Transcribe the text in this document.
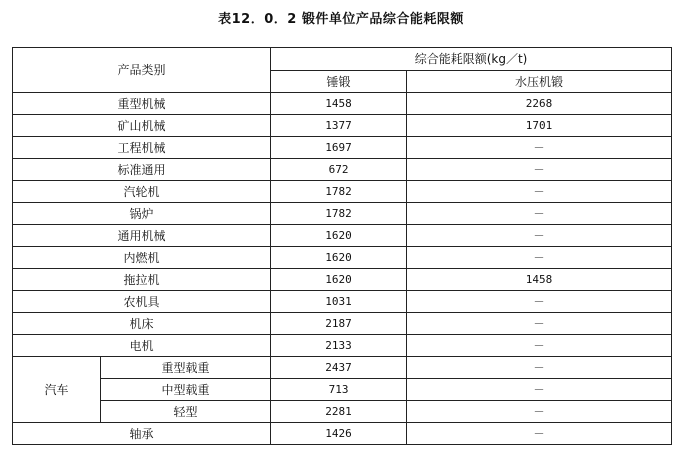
表12．0．2 锻件单位产品综合能耗限额
产品类别		综合能耗限额(kg／t)	
		锤锻	水压机锻
重型机械		1458	2268
矿山机械		1377	1701
工程机械		1697	－
标准通用		672	－
汽轮机		1782	－
锅炉		1782	－
通用机械		1620	－
内燃机		1620	－
拖拉机		1620	1458
农机具		1031	－
机床		2187	－
电机		2133	－
汽车	重型载重	2437	－
	中型载重	713	－
	轻型	2281	－
轴承		1426	－
